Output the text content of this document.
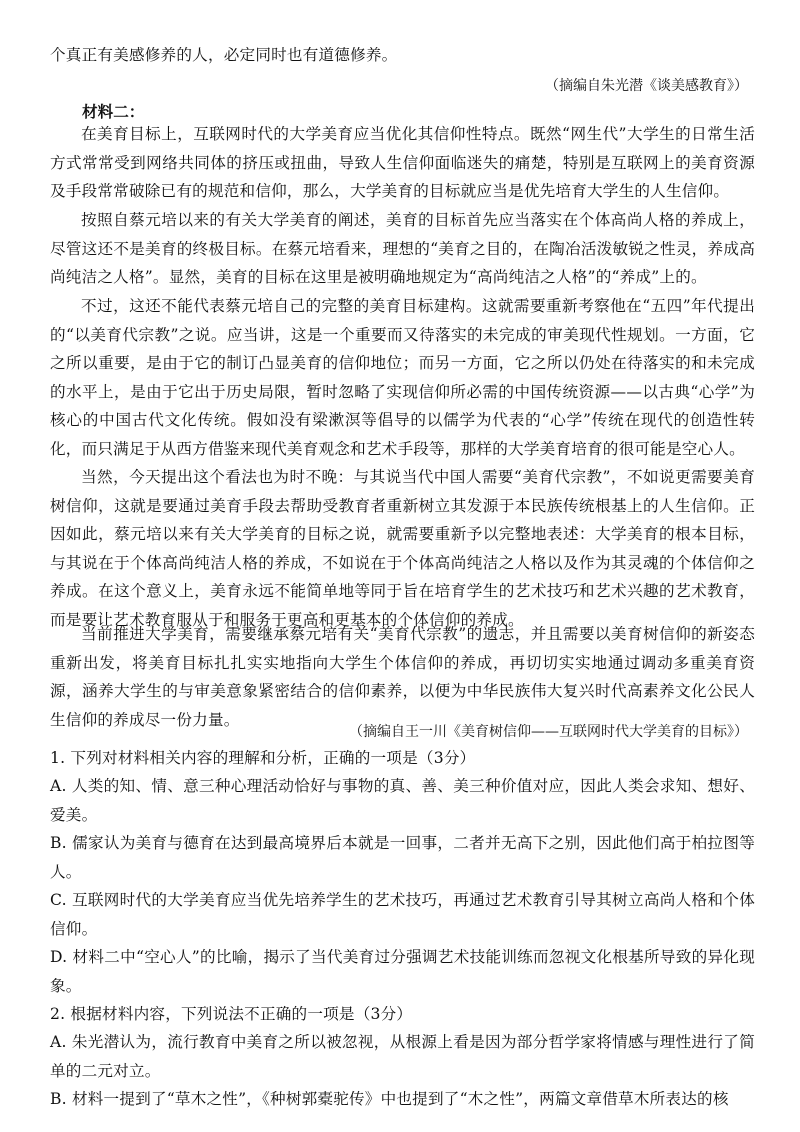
个真正有美感修养的人，必定同时也有道德修养。
（摘编自朱光潜《谈美感教育》）
材料二：
在美育目标上，互联网时代的大学美育应当优化其信仰性特点。既然“网生代”大学生的日常生活方式常常受到网络共同体的挤压或扭曲，导致人生信仰面临迷失的痛楚，特别是互联网上的美育资源及手段常常破除已有的规范和信仰，那么，大学美育的目标就应当是优先培育大学生的人生信仰。
按照自蔡元培以来的有关大学美育的阐述，美育的目标首先应当落实在个体高尚人格的养成上，尽管这还不是美育的终极目标。在蔡元培看来，理想的“美育之目的，在陶冶活泼敏锐之性灵，养成高尚纯洁之人格”。显然，美育的目标在这里是被明确地规定为“高尚纯洁之人格”的“养成”上的。
不过，这还不能代表蔡元培自己的完整的美育目标建构。这就需要重新考察他在“五四”年代提出的“以美育代宗教”之说。应当讲，这是一个重要而又待落实的未完成的审美现代性规划。一方面，它之所以重要，是由于它的制订凸显美育的信仰地位；而另一方面，它之所以仍处在待落实的和未完成的水平上，是由于它出于历史局限，暂时忽略了实现信仰所必需的中国传统资源——以古典“心学”为核心的中国古代文化传统。假如没有梁漱溟等倡导的以儒学为代表的“心学”传统在现代的创造性转化，而只满足于从西方借鉴来现代美育观念和艺术手段等，那样的大学美育培育的很可能是空心人。
当然，今天提出这个看法也为时不晚：与其说当代中国人需要“美育代宗教”，不如说更需要美育树信仰，这就是要通过美育手段去帮助受教育者重新树立其发源于本民族传统根基上的人生信仰。正因如此，蔡元培以来有关大学美育的目标之说，就需要重新予以完整地表述：大学美育的根本目标，与其说在于个体高尚纯洁人格的养成，不如说在于个体高尚纯洁之人格以及作为其灵魂的个体信仰之养成。在这个意义上，美育永远不能简单地等同于旨在培育学生的艺术技巧和艺术兴趣的艺术教育，而是要让艺术教育服从于和服务于更高和更基本的个体信仰的养成。
当前推进大学美育，需要继承蔡元培有关“美育代宗教”的遗志，并且需要以美育树信仰的新姿态重新出发，将美育目标扎扎实实地指向大学生个体信仰的养成，再切切实实地通过调动多重美育资源，涵养大学生的与审美意象紧密结合的信仰素养，以便为中华民族伟大复兴时代高素养文化公民人生信仰的养成尽一份力量。
（摘编自王一川《美育树信仰——互联网时代大学美育的目标》）
1. 下列对材料相关内容的理解和分析，正确的一项是（3分）
A. 人类的知、情、意三种心理活动恰好与事物的真、善、美三种价值对应，因此人类会求知、想好、爱美。
B. 儒家认为美育与德育在达到最高境界后本就是一回事，二者并无高下之别，因此他们高于柏拉图等人。
C. 互联网时代的大学美育应当优先培养学生的艺术技巧，再通过艺术教育引导其树立高尚人格和个体信仰。
D. 材料二中“空心人”的比喻，揭示了当代美育过分强调艺术技能训练而忽视文化根基所导致的异化现象。
2. 根据材料内容，下列说法不正确的一项是（3分）
A. 朱光潜认为，流行教育中美育之所以被忽视，从根源上看是因为部分哲学家将情感与理性进行了简单的二元对立。
B. 材料一提到了“草木之性”，《种树郭橐驼传》中也提到了“木之性”，两篇文章借草木所表达的核
